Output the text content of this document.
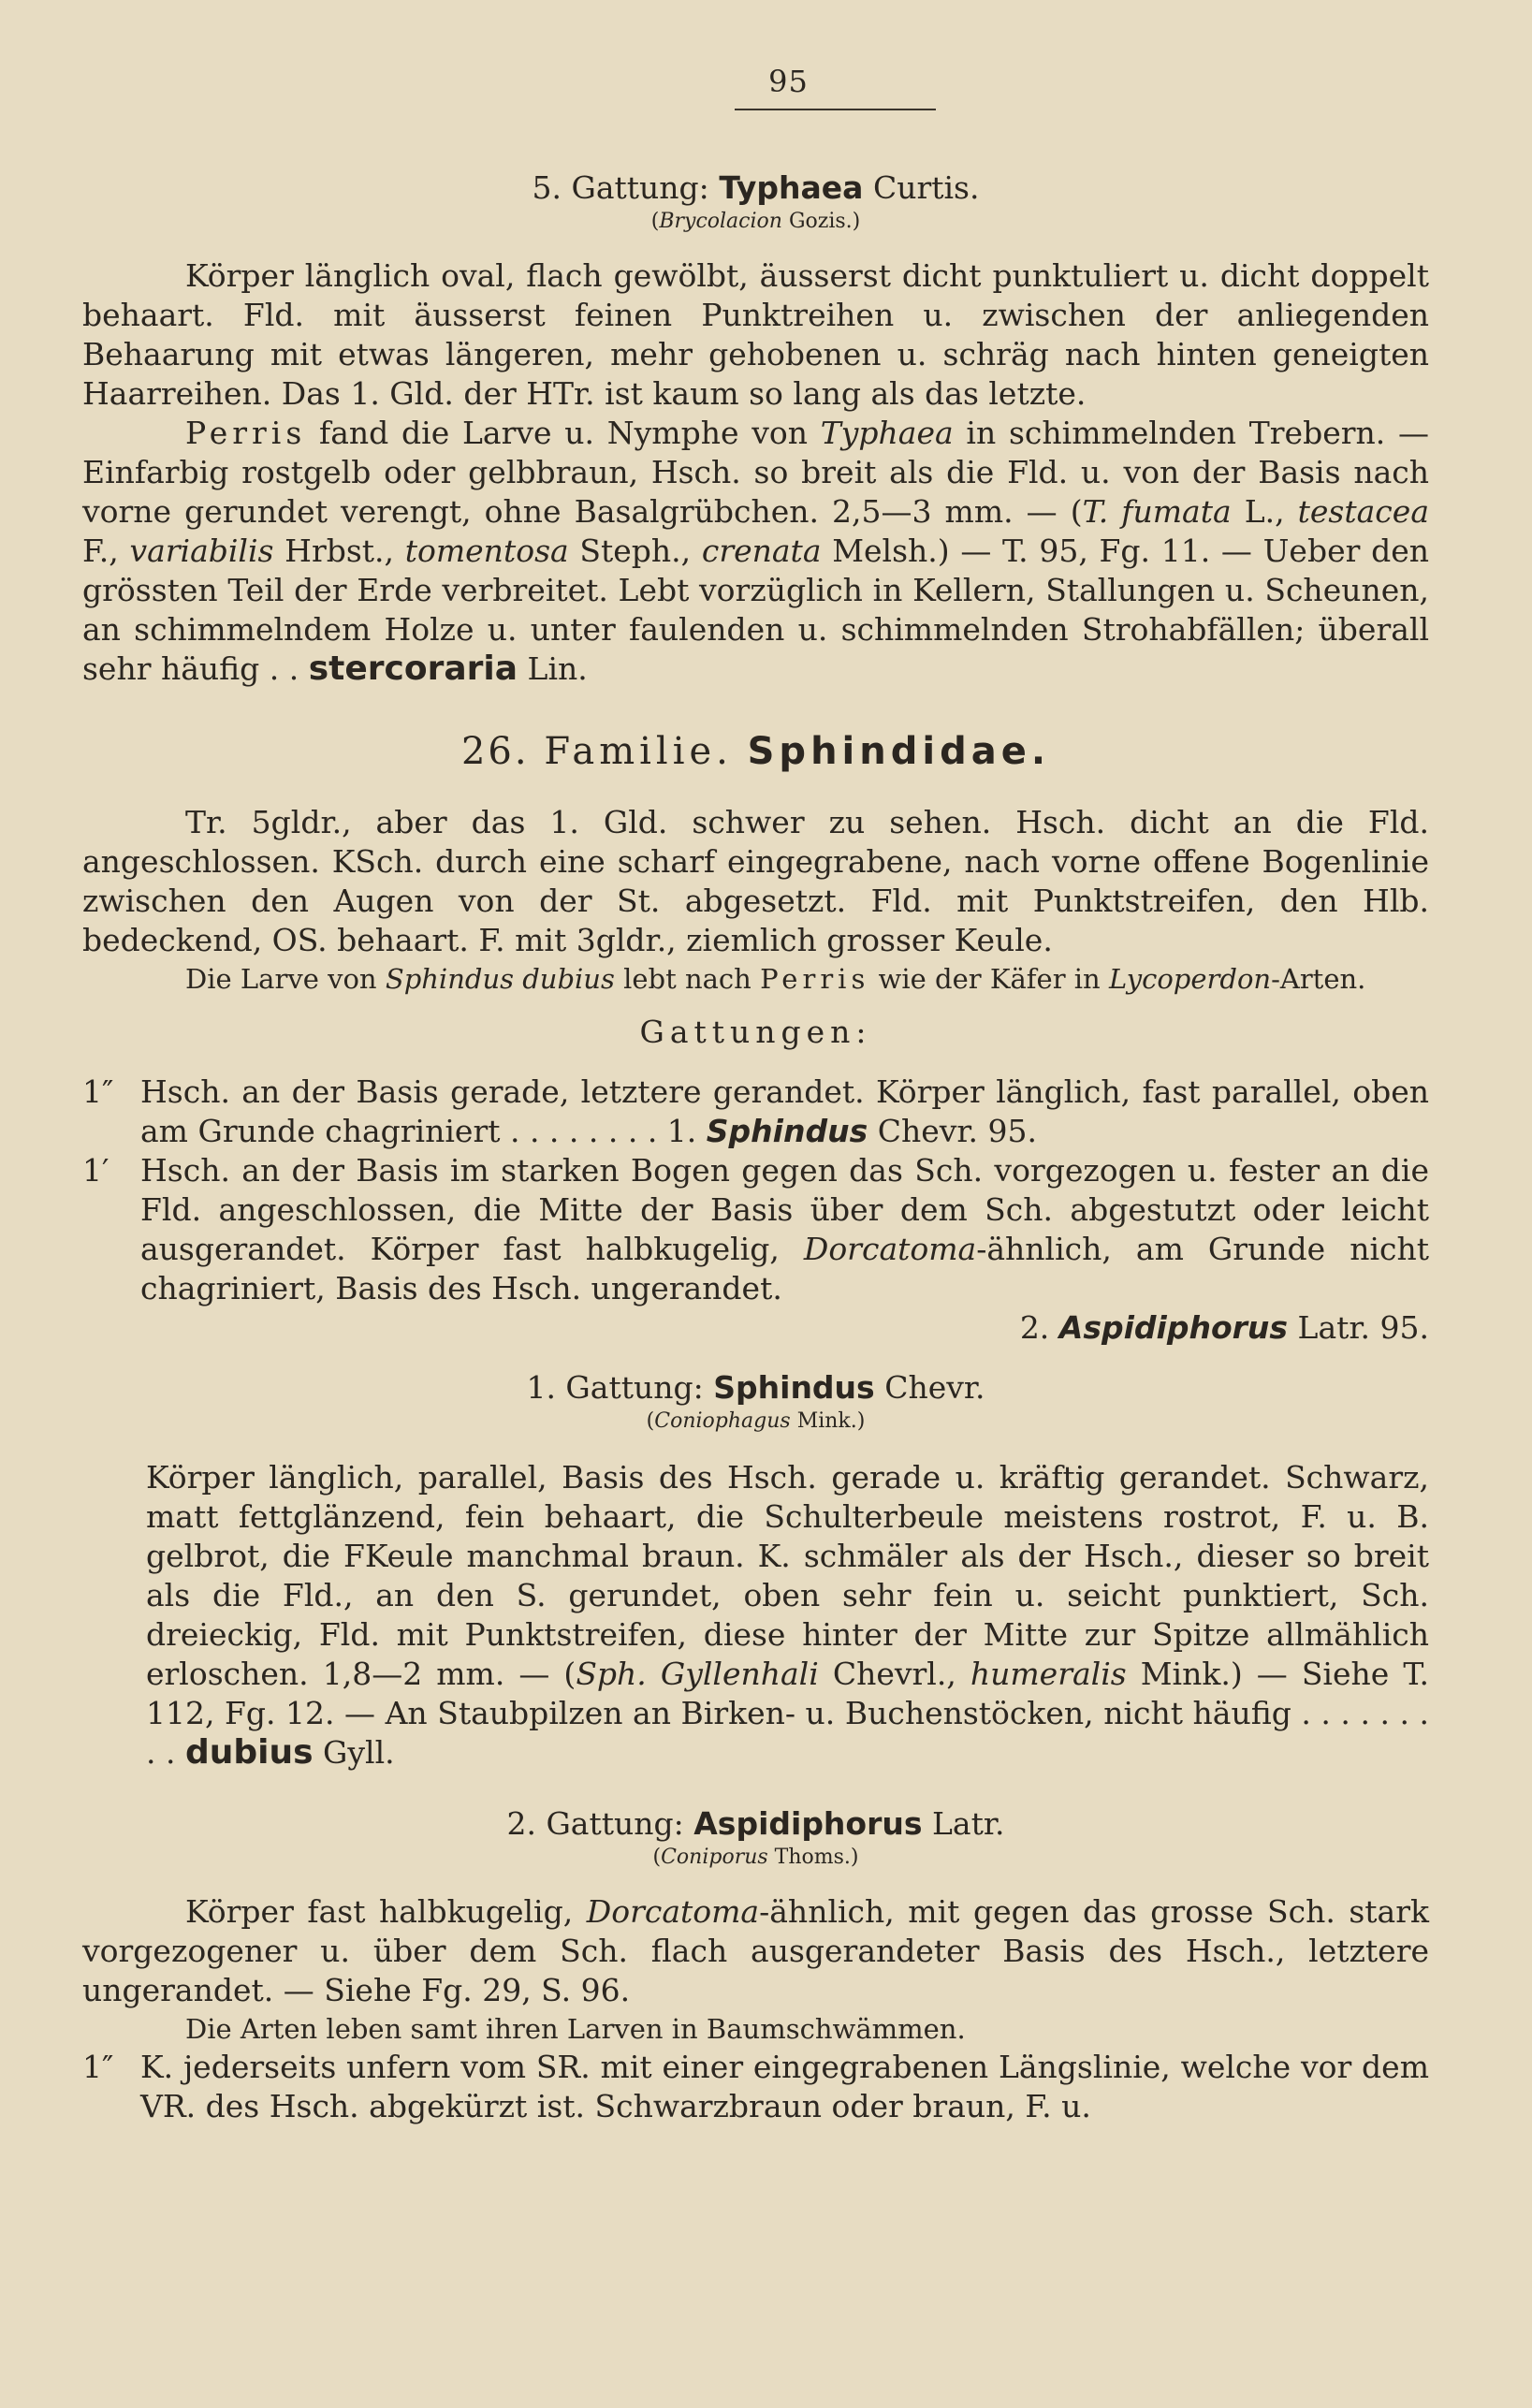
95
5. Gattung: Typhaea Curtis.
(Brycolacion Gozis.)

Körper länglich oval, flach gewölbt, äusserst dicht punktuliert u. dicht doppelt behaart. Fld. mit äusserst feinen Punktreihen u. zwischen der anliegenden Behaarung mit etwas längeren, mehr gehobenen u. schräg nach hinten geneigten Haarreihen. Das 1. Gld. der HTr. ist kaum so lang als das letzte.

Perris fand die Larve u. Nymphe von Typhaea in schimmelnden Trebern. — Einfarbig rostgelb oder gelbbraun, Hsch. so breit als die Fld. u. von der Basis nach vorne gerundet verengt, ohne Basalgrübchen. 2,5—3 mm. — (T. fumata L., testacea F., variabilis Hrbst., tomentosa Steph., crenata Melsh.) — T. 95, Fg. 11. — Ueber den grössten Teil der Erde verbreitet. Lebt vorzüglich in Kellern, Stallungen u. Scheunen, an schimmelndem Holze u. unter faulenden u. schimmelnden Strohabfällen; überall sehr häufig . . stercoraria Lin.

26. Familie. Sphindidae.

Tr. 5gldr., aber das 1. Gld. schwer zu sehen. Hsch. dicht an die Fld. angeschlossen. KSch. durch eine scharf eingegrabene, nach vorne offene Bogenlinie zwischen den Augen von der St. abgesetzt. Fld. mit Punktstreifen, den Hlb. bedeckend, OS. behaart. F. mit 3gldr., ziemlich grosser Keule.

Die Larve von Sphindus dubius lebt nach Perris wie der Käfer in Lycoperdon-Arten.

Gattungen:
1″ Hsch. an der Basis gerade, letztere gerandet. Körper länglich, fast parallel, oben am Grunde chagriniert . . . . . . . . 1. Sphindus Chevr. 95.

1′	Hsch. an der Basis im starken Bogen gegen das Sch. vorgezogen u. fester an die Fld. angeschlossen, die Mitte der Basis über dem Sch. abgestutzt oder leicht ausgerandet. Körper fast halbkugelig, Dorcatoma-ähnlich, am Grunde nicht chagriniert, Basis des Hsch. ungerandet.

2. Aspidiphorus Latr. 95.

1. Gattung: Sphindus Chevr.
(Coniophagus Mink.)

Körper länglich, parallel, Basis des Hsch. gerade u. kräftig gerandet. Schwarz, matt fettglänzend, fein behaart, die Schulterbeule meistens rostrot, F. u. B. gelbrot, die FKeule manchmal braun. K. schmäler als der Hsch., dieser so breit als die Fld., an den S. gerundet, oben sehr fein u. seicht punktiert, Sch. dreieckig, Fld. mit Punktstreifen, diese hinter der Mitte zur Spitze allmählich erloschen. 1,8—2 mm. — (Sph. Gyllenhali Chevrl., humeralis Mink.) — Siehe T. 112, Fg. 12. — An Staubpilzen an Birken- u. Buchenstöcken, nicht häufig . . . . . . . . . dubius Gyll.

2. Gattung: Aspidiphorus Latr.
(Coniporus Thoms.)

Körper fast halbkugelig, Dorcatoma-ähnlich, mit gegen das grosse Sch. stark vorgezogener u. über dem Sch. flach ausgerandeter Basis des Hsch., letztere ungerandet. — Siehe Fg. 29, S. 96.

Die Arten leben samt ihren Larven in Baumschwämmen.

1″ K. jederseits unfern vom SR. mit einer eingegrabenen Längslinie, welche vor dem VR. des Hsch. abgekürzt ist. Schwarzbraun oder braun, F. u.
